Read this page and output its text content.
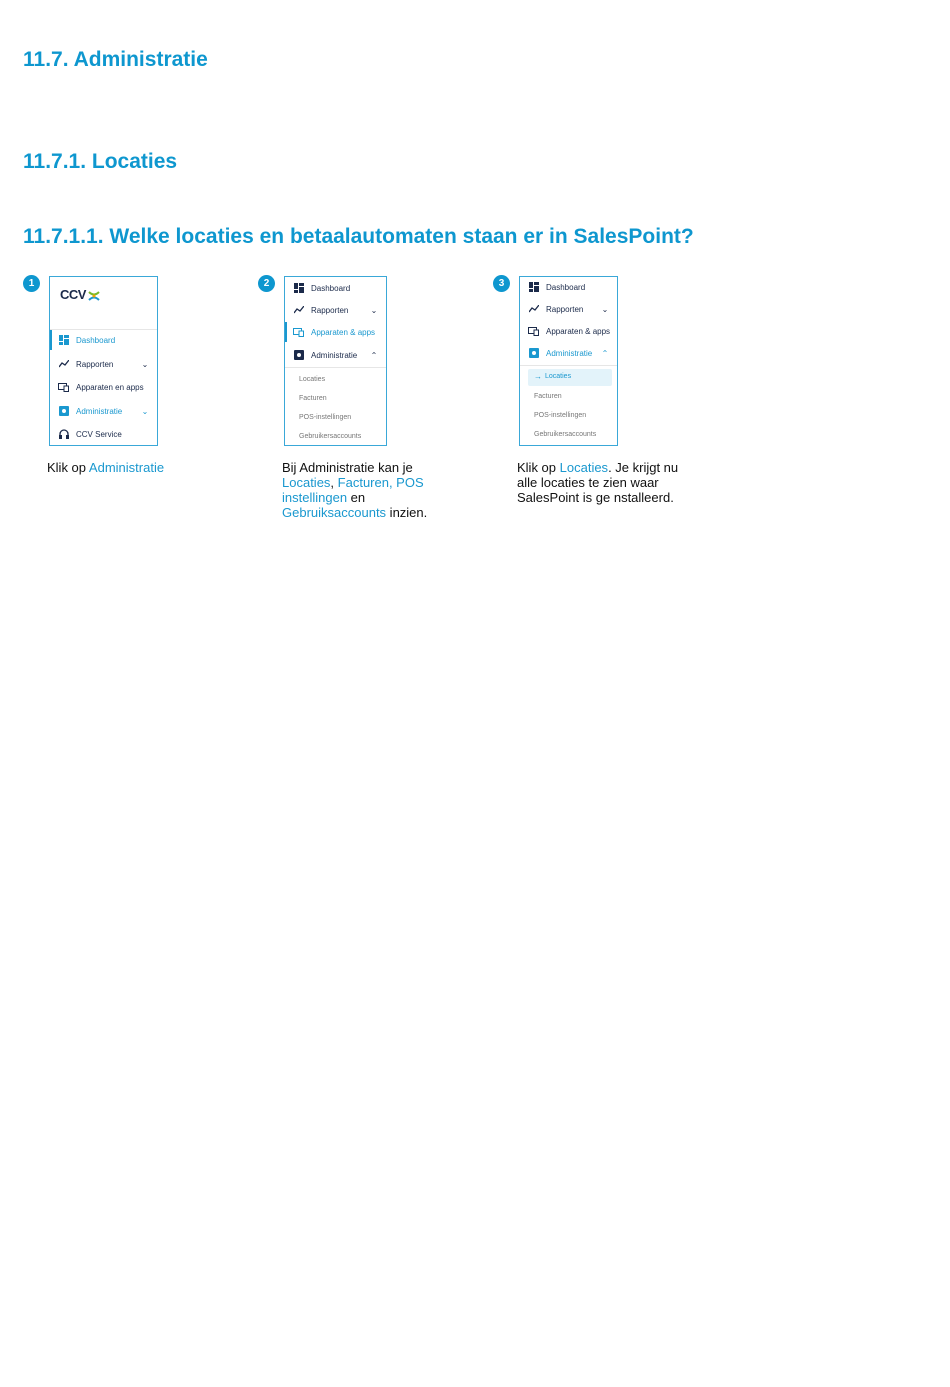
11.7. Administratie
11.7.1. Locaties
11.7.1.1. Welke locaties en betaalautomaten staan er in SalesPoint?
1
CCV
Dashboard
Rapporten	⌄
Apparaten en apps
Administratie	⌄
CCV Service
Klik op Administratie
2	Dashboard
Rapporten	⌄
Apparaten & apps
Administratie	⌃
Locaties
Facturen
POS-instellingen
Gebruikersaccounts
Bij Administratie kan je Locaties, Facturen, POS instellingen en Gebruiksaccounts inzien.
3	Dashboard
Rapporten	⌄
Apparaten & apps
Administratie	⌃
→ Locaties
Facturen
POS-instellingen
Gebruikersaccounts
Klik op Locaties. Je krijgt nu alle locaties te zien waar SalesPoint is ge nstalleerd.
